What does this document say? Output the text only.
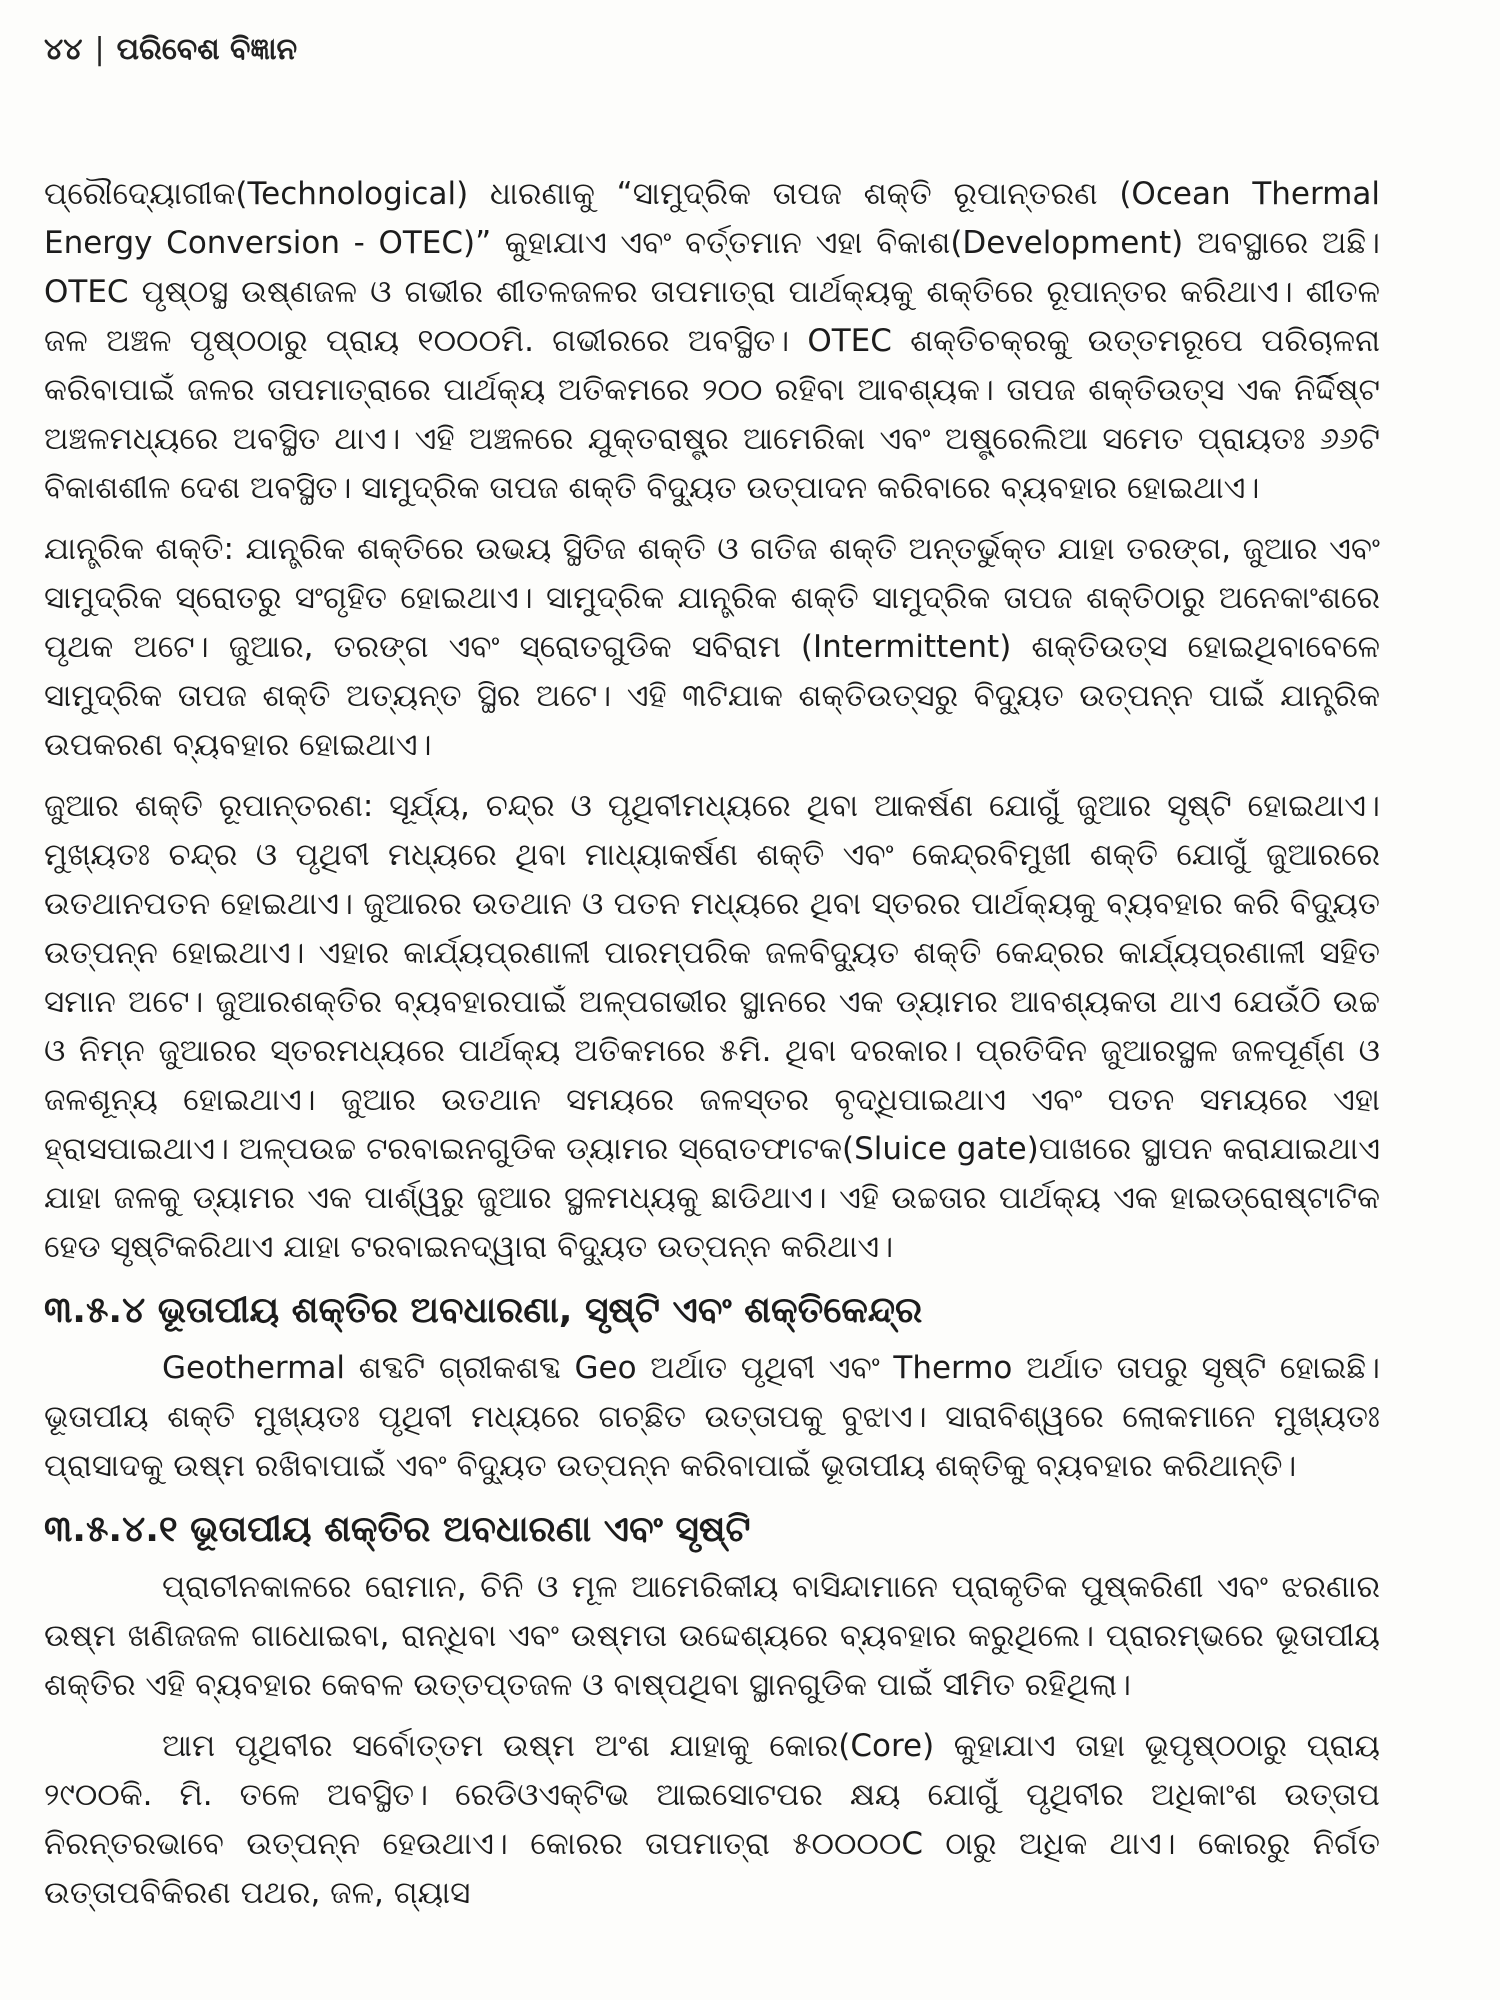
୪୪ | ପରିବେଶ ବିଜ୍ଞାନ

ପ୍ରୌଦ୍ୟୋଗୀକ(Technological) ଧାରଣାକୁ “ସାମୁଦ୍ରିକ ତାପଜ ଶକ୍ତି ରୂପାନ୍ତରଣ (Ocean Thermal Energy Conversion - OTEC)” କୁହାଯାଏ ଏବଂ ବର୍ତ୍ତମାନ ଏହା ବିକାଶ(Development) ଅବସ୍ଥାରେ ଅଛି। OTEC ପୃଷ୍ଠସ୍ଥ ଉଷ୍ଣଜଳ ଓ ଗଭୀର ଶୀତଳଜଳର ତାପମାତ୍ରା ପାର୍ଥକ୍ୟକୁ ଶକ୍ତିରେ ରୂପାନ୍ତର କରିଥାଏ। ଶୀତଳ ଜଳ ଅଞ୍ଚଳ ପୃଷ୍ଠଠାରୁ ପ୍ରାୟ ୧୦୦୦ମି. ଗଭୀରରେ ଅବସ୍ଥିତ। OTEC ଶକ୍ତିଚକ୍ରକୁ ଉତ୍ତମରୂପେ ପରିଚାଳନା କରିବାପାଇଁ ଜଳର ତାପମାତ୍ରାରେ ପାର୍ଥକ୍ୟ ଅତିକମରେ ୨୦୦ ରହିବା ଆବଶ୍ୟକ। ତାପଜ ଶକ୍ତିଉତ୍ସ ଏକ ନିର୍ଦ୍ଦିଷ୍ଟ ଅଞ୍ଚଳମଧ୍ୟରେ ଅବସ୍ଥିତ ଥାଏ। ଏହି ଅଞ୍ଚଳରେ ଯୁକ୍ତରାଷ୍ଟ୍ର ଆମେରିକା ଏବଂ ଅଷ୍ଟ୍ରେଲିଆ ସମେତ ପ୍ରାୟତଃ ୬୬ଟି ବିକାଶଶୀଳ ଦେଶ ଅବସ୍ଥିତ। ସାମୁଦ୍ରିକ ତାପଜ ଶକ୍ତି ବିଦ୍ୟୁତ ଉତ୍ପାଦନ କରିବାରେ ବ୍ୟବହାର ହୋଇଥାଏ।

ଯାନ୍ତ୍ରିକ ଶକ୍ତି: ଯାନ୍ତ୍ରିକ ଶକ୍ତିରେ ଉଭୟ ସ୍ଥିତିଜ ଶକ୍ତି ଓ ଗତିଜ ଶକ୍ତି ଅନ୍ତର୍ଭୁକ୍ତ ଯାହା ତରଙ୍ଗ, ଜୁଆର ଏବଂ ସାମୁଦ୍ରିକ ସ୍ରୋତରୁ ସଂଗୃହିତ ହୋଇଥାଏ। ସାମୁଦ୍ରିକ ଯାନ୍ତ୍ରିକ ଶକ୍ତି ସାମୁଦ୍ରିକ ତାପଜ ଶକ୍ତିଠାରୁ ଅନେକାଂଶରେ ପୃଥକ ଅଟେ। ଜୁଆର, ତରଙ୍ଗ ଏବଂ ସ୍ରୋତଗୁଡିକ ସବିରାମ (Intermittent) ଶକ୍ତିଉତ୍ସ ହୋଇଥିବାବେଳେ ସାମୁଦ୍ରିକ ତାପଜ ଶକ୍ତି ଅତ୍ୟନ୍ତ ସ୍ଥିର ଅଟେ। ଏହି ୩ଟିଯାକ ଶକ୍ତିଉତ୍ସରୁ ବିଦ୍ୟୁତ ଉତ୍ପନ୍ନ ପାଇଁ ଯାନ୍ତ୍ରିକ ଉପକରଣ ବ୍ୟବହାର ହୋଇଥାଏ।

ଜୁଆର ଶକ୍ତି ରୂପାନ୍ତରଣ: ସୂର୍ଯ୍ୟ, ଚନ୍ଦ୍ର ଓ ପୃଥିବୀମଧ୍ୟରେ ଥିବା ଆକର୍ଷଣ ଯୋଗୁଁ ଜୁଆର ସୃଷ୍ଟି ହୋଇଥାଏ। ମୁଖ୍ୟତଃ ଚନ୍ଦ୍ର ଓ ପୃଥିବୀ ମଧ୍ୟରେ ଥିବା ମାଧ୍ୟାକର୍ଷଣ ଶକ୍ତି ଏବଂ କେନ୍ଦ୍ରବିମୁଖୀ ଶକ୍ତି ଯୋଗୁଁ ଜୁଆରରେ ଉତଥାନପତନ ହୋଇଥାଏ। ଜୁଆରର ଉତଥାନ ଓ ପତନ ମଧ୍ୟରେ ଥିବା ସ୍ତରର ପାର୍ଥକ୍ୟକୁ ବ୍ୟବହାର କରି ବିଦ୍ୟୁତ ଉତ୍ପନ୍ନ ହୋଇଥାଏ। ଏହାର କାର୍ଯ୍ୟପ୍ରଣାଳୀ ପାରମ୍ପରିକ ଜଳବିଦ୍ୟୁତ ଶକ୍ତି କେନ୍ଦ୍ରର କାର୍ଯ୍ୟପ୍ରଣାଳୀ ସହିତ ସମାନ ଅଟେ। ଜୁଆରଶକ୍ତିର ବ୍ୟବହାରପାଇଁ ଅଳ୍ପଗଭୀର ସ୍ଥାନରେ ଏକ ଡ୍ୟାମର ଆବଶ୍ୟକତା ଥାଏ ଯେଉଁଠି ଉଚ୍ଚ ଓ ନିମ୍ନ ଜୁଆରର ସ୍ତରମଧ୍ୟରେ ପାର୍ଥକ୍ୟ ଅତିକମରେ ୫ମି. ଥିବା ଦରକାର। ପ୍ରତିଦିନ ଜୁଆରସ୍ଥଳ ଜଳପୂର୍ଣ୍ଣ ଓ ଜଳଶୂନ୍ୟ ହୋଇଥାଏ। ଜୁଆର ଉତଥାନ ସମୟରେ ଜଳସ୍ତର ବୃଦ୍ଧିପାଇଥାଏ ଏବଂ ପତନ ସମୟରେ ଏହା ହ୍ରାସପାଇଥାଏ। ଅଳ୍ପଉଚ୍ଚ ଟରବାଇନଗୁଡିକ ଡ୍ୟାମର ସ୍ରୋତଫାଟକ(Sluice gate)ପାଖରେ ସ୍ଥାପନ କରାଯାଇଥାଏ ଯାହା ଜଳକୁ ଡ୍ୟାମର ଏକ ପାର୍ଶ୍ୱରୁ ଜୁଆର ସ୍ଥଳମଧ୍ୟକୁ ଛାଡିଥାଏ। ଏହି ଉଚ୍ଚତାର ପାର୍ଥକ୍ୟ ଏକ ହାଇଡ୍ରୋଷ୍ଟାଟିକ ହେଡ ସୃଷ୍ଟିକରିଥାଏ ଯାହା ଟରବାଇନଦ୍ୱାରା ବିଦ୍ୟୁତ ଉତ୍ପନ୍ନ କରିଥାଏ।

୩.୫.୪ ଭୂତାପୀୟ ଶକ୍ତିର ଅବଧାରଣା, ସୃଷ୍ଟି ଏବଂ ଶକ୍ତିକେନ୍ଦ୍ର

Geothermal ଶବ୍ଦଟି ଗ୍ରୀକଶବ୍ଦ Geo ଅର୍ଥାତ ପୃଥିବୀ ଏବଂ Thermo ଅର୍ଥାତ ତାପରୁ ସୃଷ୍ଟି ହୋଇଛି। ଭୂତାପୀୟ ଶକ୍ତି ମୁଖ୍ୟତଃ ପୃଥିବୀ ମଧ୍ୟରେ ଗଚ୍ଛିତ ଉତ୍ତାପକୁ ବୁଝାଏ। ସାରାବିଶ୍ୱରେ ଲୋକମାନେ ମୁଖ୍ୟତଃ ପ୍ରାସାଦକୁ ଉଷ୍ମ ରଖିବାପାଇଁ ଏବଂ ବିଦ୍ୟୁତ ଉତ୍ପନ୍ନ କରିବାପାଇଁ ଭୂତାପୀୟ ଶକ୍ତିକୁ ବ୍ୟବହାର କରିଥାନ୍ତି।

୩.୫.୪.୧ ଭୂତାପୀୟ ଶକ୍ତିର ଅବଧାରଣା ଏବଂ ସୃଷ୍ଟି

ପ୍ରାଚୀନକାଳରେ ରୋମାନ, ଚିନି ଓ ମୂଳ ଆମେରିକୀୟ ବାସିନ୍ଦାମାନେ ପ୍ରାକୃତିକ ପୁଷ୍କରିଣୀ ଏବଂ ଝରଣାର ଉଷ୍ମ ଖଣିଜଜଳ ଗାଧୋଇବା, ରାନ୍ଧିବା ଏବଂ ଉଷ୍ମତା ଉଦ୍ଦେଶ୍ୟରେ ବ୍ୟବହାର କରୁଥିଲେ। ପ୍ରାରମ୍ଭରେ ଭୂତାପୀୟ ଶକ୍ତିର ଏହି ବ୍ୟବହାର କେବଳ ଉତ୍ତପ୍ତଜଳ ଓ ବାଷ୍ପଥିବା ସ୍ଥାନଗୁଡିକ ପାଇଁ ସୀମିତ ରହିଥିଲା।

ଆମ ପୃଥିବୀର ସର୍ବୋତ୍ତମ ଉଷ୍ମ ଅଂଶ ଯାହାକୁ କୋର(Core) କୁହାଯାଏ ତାହା ଭୂପୃଷ୍ଠଠାରୁ ପ୍ରାୟ ୨୯୦୦କି. ମି. ତଳେ ଅବସ୍ଥିତ। ରେଡିଓଏକ୍ଟିଭ ଆଇସୋଟପର କ୍ଷୟ ଯୋଗୁଁ ପୃଥିବୀର ଅଧିକାଂଶ ଉତ୍ତାପ ନିରନ୍ତରଭାବେ ଉତ୍ପନ୍ନ ହେଉଥାଏ। କୋରର ତାପମାତ୍ରା ୫୦୦୦୦C ଠାରୁ ଅଧିକ ଥାଏ। କୋରରୁ ନିର୍ଗତ ଉତ୍ତାପବିକିରଣ ପଥର, ଜଳ, ଗ୍ୟାସ
